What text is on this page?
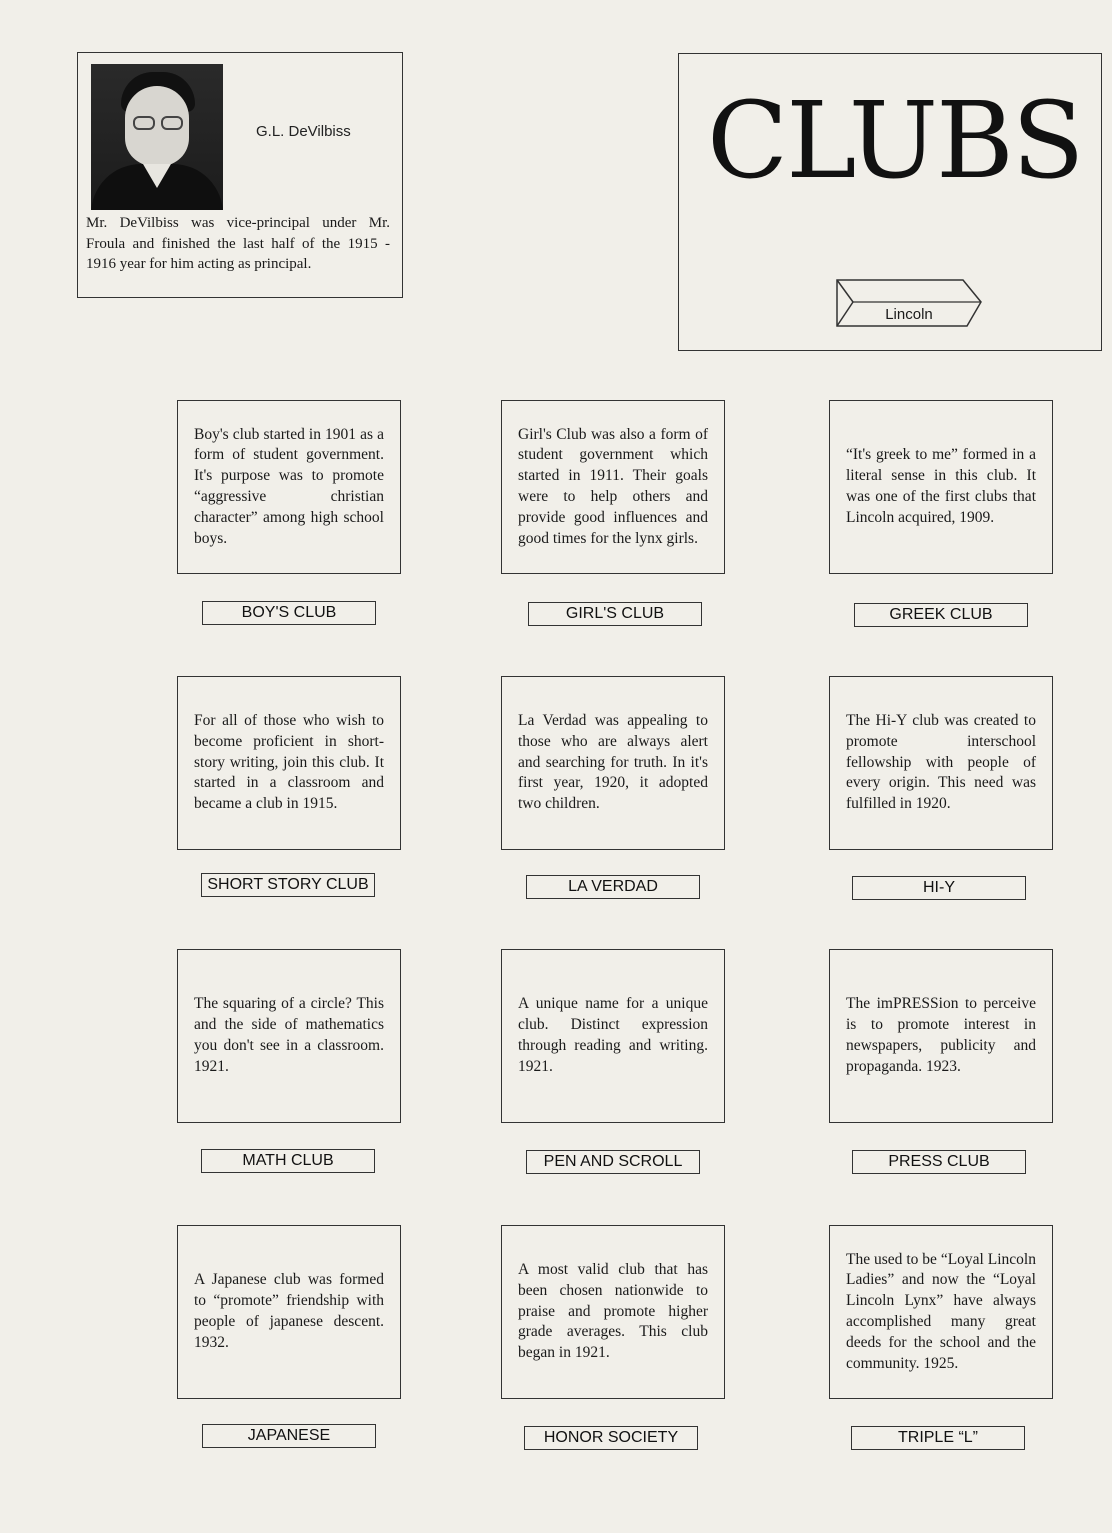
G.L. DeVilbiss
Mr. DeVilbiss was vice-principal under Mr. Froula and finished the last half of the 1915 - 1916 year for him acting as principal.
CLUBS
Lincoln
Boy's club started in 1901 as a form of student government. It's purpose was to promote “aggressive christian character” among high school boys.
BOY'S CLUB
Girl's Club was also a form of student government which started in 1911. Their goals were to help others and provide good influences and good times for the lynx girls.
GIRL'S CLUB
“It's greek to me” formed in a literal sense in this club. It was one of the first clubs that Lincoln acquired, 1909.
GREEK CLUB
For all of those who wish to become proficient in short-story writing, join this club. It started in a classroom and became a club in 1915.
SHORT STORY CLUB
La Verdad was appealing to those who are always alert and searching for truth. In it's first year, 1920, it adopted two children.
LA VERDAD
The Hi-Y club was created to promote interschool fellowship with people of every origin. This need was fulfilled in 1920.
HI-Y
The squaring of a circle? This and the side of mathematics you don't see in a classroom. 1921.
MATH CLUB
A unique name for a unique club. Distinct expression through reading and writing. 1921.
PEN AND SCROLL
The imPRESSion to perceive is to promote interest in newspapers, publicity and propaganda. 1923.
PRESS CLUB
A Japanese club was formed to “promote” friendship with people of japanese descent. 1932.
JAPANESE
A most valid club that has been chosen nationwide to praise and promote higher grade averages. This club began in 1921.
HONOR SOCIETY
The used to be “Loyal Lincoln Ladies” and now the “Loyal Lincoln Lynx” have always accomplished many great deeds for the school and the community. 1925.
TRIPLE “L”
